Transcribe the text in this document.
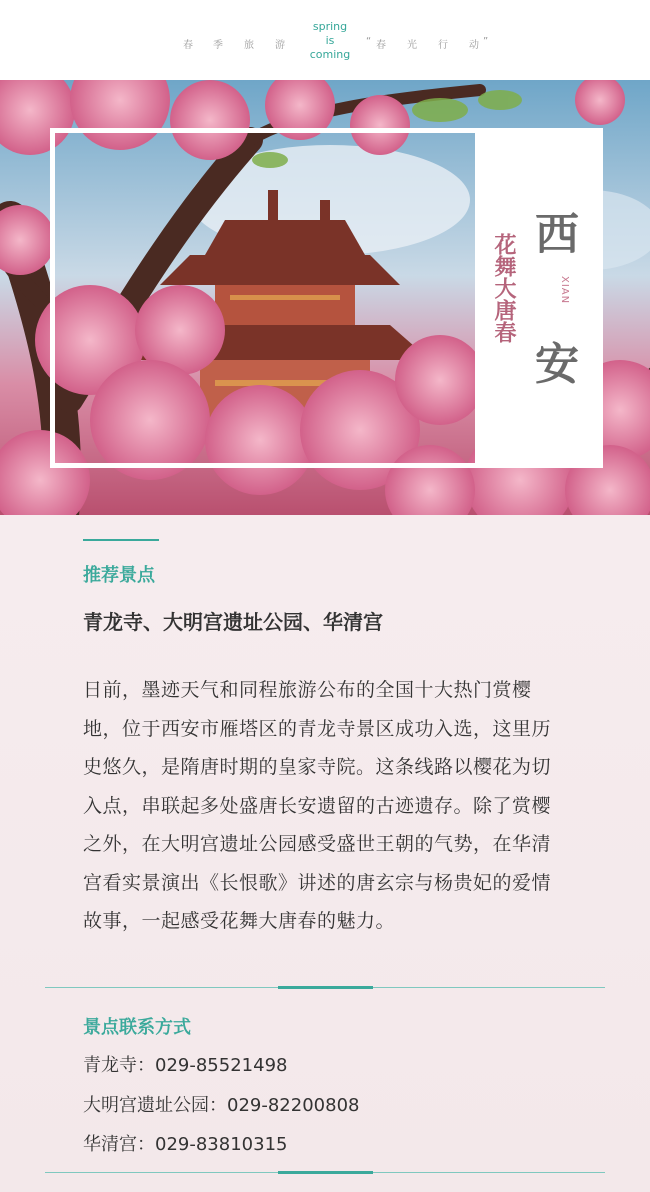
春 季 旅 游
spring
is
coming
“ 春 光 行 动 ”
花舞大唐春 西
XIAN
安
推荐景点
青龙寺、大明宫遗址公园、华清宫
日前，墨迹天气和同程旅游公布的全国十大热门赏樱地，位于西安市雁塔区的青龙寺景区成功入选，这里历史悠久，是隋唐时期的皇家寺院。这条线路以樱花为切入点，串联起多处盛唐长安遗留的古迹遗存。除了赏樱之外，在大明宫遗址公园感受盛世王朝的气势，在华清宫看实景演出《长恨歌》讲述的唐玄宗与杨贵妃的爱情故事，一起感受花舞大唐春的魅力。
景点联系方式
青龙寺：029-85521498
大明宫遗址公园：029-82200808
华清宫：029-83810315
